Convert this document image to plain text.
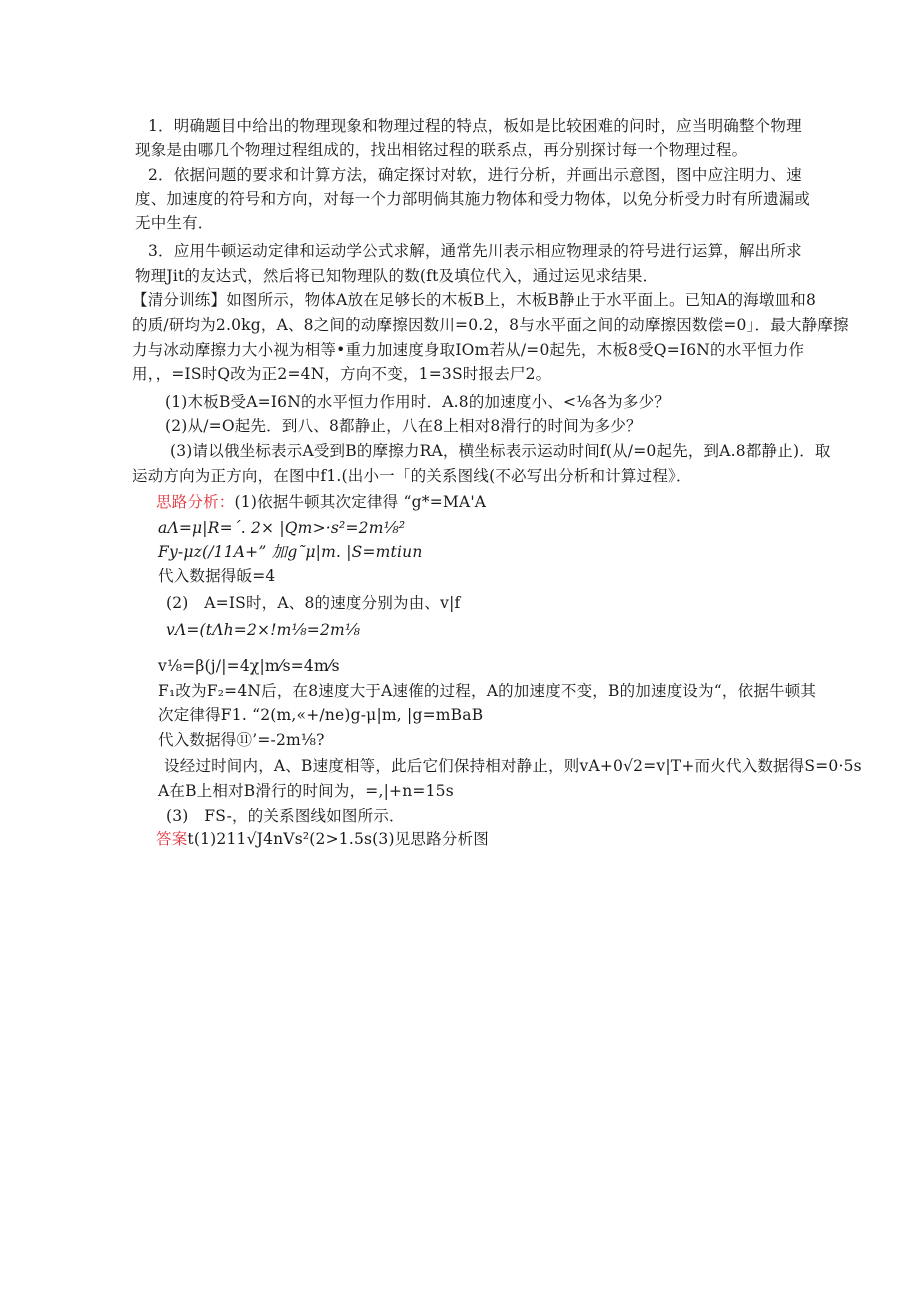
1．明确题目中给出的物理现象和物理过程的特点，板如是比较困难的问时，应当明确整个物理
现象是由哪几个物理过程组成的，找出相铭过程的联系点，再分别探讨每一个物理过程。
2．依据问题的要求和计算方法，确定探讨对软，进行分析，并画出示意图，图中应注明力、速
度、加速度的符号和方向，对每一个力部明倘其施力物体和受力物体，以免分析受力时有所遗漏或
无中生有．
3．应用牛顿运动定律和运动学公式求解，通常先川表示相应物理录的符号进行运算，解出所求
物理Jit的友达式，然后将已知物理队的数(ft及填位代入，通过运见求结果．
【清分训练】如图所示，物体A放在足够长的木板B上，木板B静止于水平面上。已知A的海墩皿和8
的质/研均为2.0kg，A、8之间的动摩擦因数川=0.2，8与水平面之间的动摩擦因数偿=0」．最大静摩擦
力与冰动摩擦力大小视为相等•重力加速度身取IOm若从/=0起先，木板8受Q=I6N的水平恒力作
用，，=IS时Q改为正2=4N，方向不变，1=3S时报去尸2。
(1)木板B受A=I6N的水平恒力作用时．A.8的加速度小、<⅛各为多少？
(2)从/=O起先．到八、8都静止，八在8上相对8滑行的时间为多少？
(3)请以俄坐标表示A受到B的摩擦力RA，横坐标表示运动时间f(从/=0起先，到A.8都静止)．取
运动方向为正方向，在图中f1.(出小一「的关系图线(不必写出分析和计算过程》．
思路分析：(1)依据牛顿其次定律得 “g*=MA'A
aΛ=μ|R=ˊ. 2× |Qm>·s²=2m⅛²
Fy-μz(/11A+” 加g˜μ|m. |S=mtiun
代入数据得皈=4
(2)　A=IS时，A、8的速度分别为由、v|f
vΛ=(tΛh=2×!m⅛=2m⅛
v⅛=β(j/|=4χ|m⁄s=4m⁄s
F₁改为F₂=4N后，在8速度大于A速傕的过程，A的加速度不变，B的加速度设为“，依据牛顿其
次定律得F1. “2(m,«+/ne)g-μ|m, |g=mBaB
代入数据得⑪’=-2m⅛?
设经过时间内，A、B速度相等，此后它们保持相对静止，则vA+0√2=v|T+而火代入数据得S=0·5s
A在B上相对B滑行的时间为，=,|+n=15s
(3)　FS-，的关系图线如图所示．
答案t(1)211√J4nVs²(2>1.5s(3)见思路分析图
